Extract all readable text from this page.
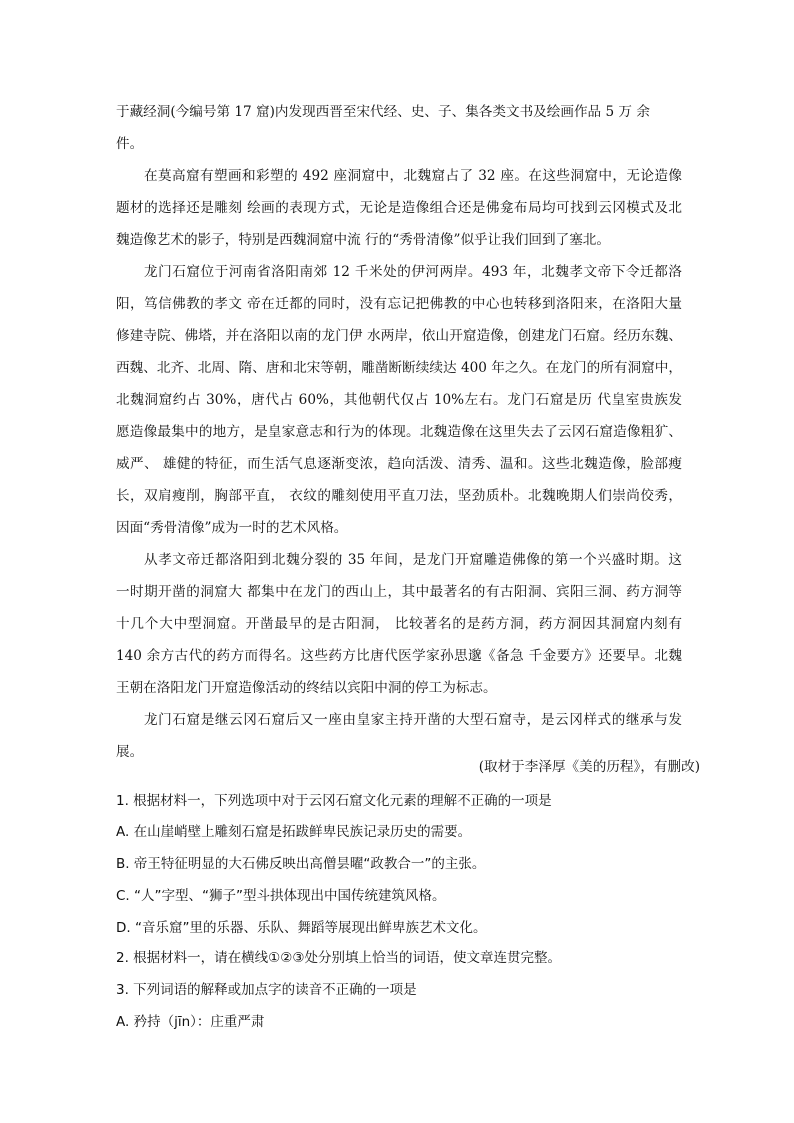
于藏经洞(今编号第 17 窟)内发现西晋至宋代经、史、子、集各类文书及绘画作品 5 万 余
件。
在莫高窟有塑画和彩塑的 492 座洞窟中，北魏窟占了 32 座。在这些洞窟中，无论造像
题材的选择还是雕刻 绘画的表现方式，无论是造像组合还是佛龛布局均可找到云冈模式及北
魏造像艺术的影子，特别是西魏洞窟中流 行的“秀骨清像”似乎让我们回到了塞北。
龙门石窟位于河南省洛阳南郊 12 千米处的伊河两岸。493 年，北魏孝文帝下令迁都洛
阳，笃信佛教的孝文 帝在迁都的同时，没有忘记把佛教的中心也转移到洛阳来，在洛阳大量
修建寺院、佛塔，并在洛阳以南的龙门伊 水两岸，依山开窟造像，创建龙门石窟。经历东魏、
西魏、北齐、北周、隋、唐和北宋等朝，雕凿断断续续达 400 年之久。在龙门的所有洞窟中，
北魏洞窟约占 30%，唐代占 60%，其他朝代仅占 10%左右。龙门石窟是历 代皇室贵族发
愿造像最集中的地方，是皇家意志和行为的体现。北魏造像在这里失去了云冈石窟造像粗犷、
威严、 雄健的特征，而生活气息逐渐变浓，趋向活泼、清秀、温和。这些北魏造像，脸部瘦
长，双肩瘦削，胸部平直， 衣纹的雕刻使用平直刀法，坚劲质朴。北魏晚期人们崇尚佼秀，
因面“秀骨清像”成为一时的艺术风格。
从孝文帝迁都洛阳到北魏分裂的 35 年间，是龙门开窟雕造佛像的第一个兴盛时期。这
一时期开凿的洞窟大 都集中在龙门的西山上，其中最著名的有古阳洞、宾阳三洞、药方洞等
十几个大中型洞窟。开凿最早的是古阳洞， 比较著名的是药方洞，药方洞因其洞窟内刻有
140 余方古代的药方而得名。这些药方比唐代医学家孙思邈《备急 千金要方》还要早。北魏
王朝在洛阳龙门开窟造像活动的终结以宾阳中洞的停工为标志。
龙门石窟是继云冈石窟后又一座由皇家主持开凿的大型石窟寺，是云冈样式的继承与发
展。
(取材于李泽厚《美的历程》，有删改)
1. 根据材料一，下列选项中对于云冈石窟文化元素的理解不正确的一项是
A. 在山崖峭壁上雕刻石窟是拓跋鲜卑民族记录历史的需要。
B. 帝王特征明显的大石佛反映出高僧昙曜“政教合一”的主张。
C. “人”字型、“狮子”型斗拱体现出中国传统建筑风格。
D. “音乐窟”里的乐器、乐队、舞蹈等展现出鲜卑族艺术文化。
2. 根据材料一，请在横线①②③处分别填上恰当的词语，使文章连贯完整。
3. 下列词语的解释或加点字的读音不正确的一项是
A. 矜持（jīn）：庄重严肃
